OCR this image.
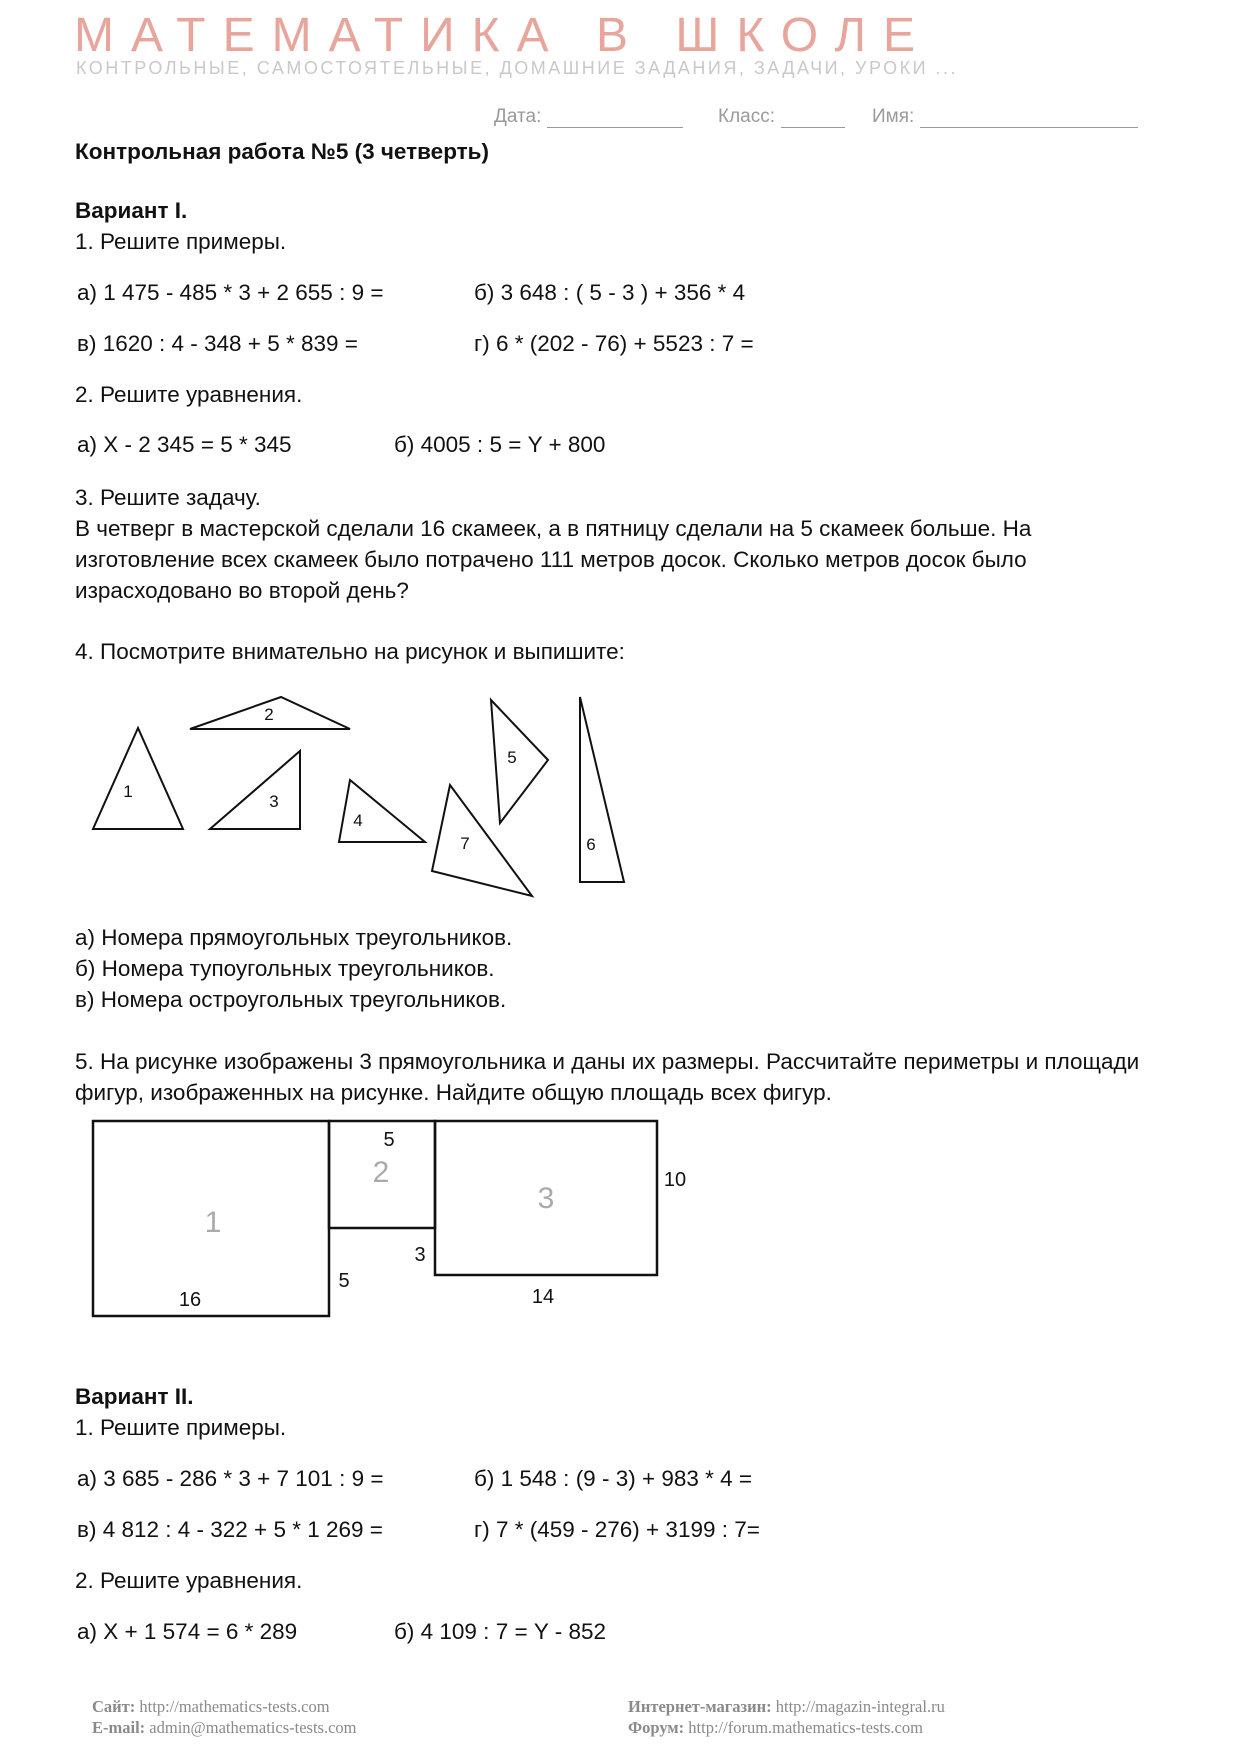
МАТЕМАТИКА В ШКОЛЕ
КОНТРОЛЬНЫЕ, САМОСТОЯТЕЛЬНЫЕ, ДОМАШНИЕ ЗАДАНИЯ, ЗАДАЧИ, УРОКИ ...
Дата:	Класс:	Имя:
Контрольная работа №5 (3 четверть)
Вариант I.
1. Решите примеры.
а) 1 475 - 485 * 3 + 2 655 : 9 =	б) 3 648 : ( 5 - 3 ) + 356 * 4
в) 1620 : 4 - 348 + 5 * 839 =	г) 6 * (202 - 76) + 5523 : 7 =
2. Решите уравнения.
а) X - 2 345 = 5 * 345	б) 4005 : 5 = Y + 800
3. Решите задачу.
В четверг в мастерской сделали 16 скамеек, а в пятницу сделали на 5 скамеек больше. На изготовление всех скамеек было потрачено 111 метров досок. Сколько метров досок было израсходовано во второй день?
4. Посмотрите внимательно на рисунок и выпишите:
1
2
3
4
5
6
7
а) Номера прямоугольных треугольников.
б) Номера тупоугольных треугольников.
в) Номера остроугольных треугольников.
5. На рисунке изображены 3 прямоугольника и даны их размеры. Рассчитайте периметры и площади фигур, изображенных на рисунке. Найдите общую площадь всех фигур.
1
2
3
16
5
5
3
10
14
Вариант II.
1. Решите примеры.
а) 3 685 - 286 * 3 + 7 101 : 9 =	б) 1 548 : (9 - 3) + 983 * 4 =
в) 4 812 : 4 - 322 + 5 * 1 269 =	г) 7 * (459 - 276) + 3199 : 7=
2. Решите уравнения.
а) X + 1 574 = 6 * 289	б) 4 109 : 7 = Y - 852
Сайт: http://mathematics-tests.com
E-mail: admin@mathematics-tests.com
Интернет-магазин: http://magazin-integral.ru
Форум: http://forum.mathematics-tests.com
